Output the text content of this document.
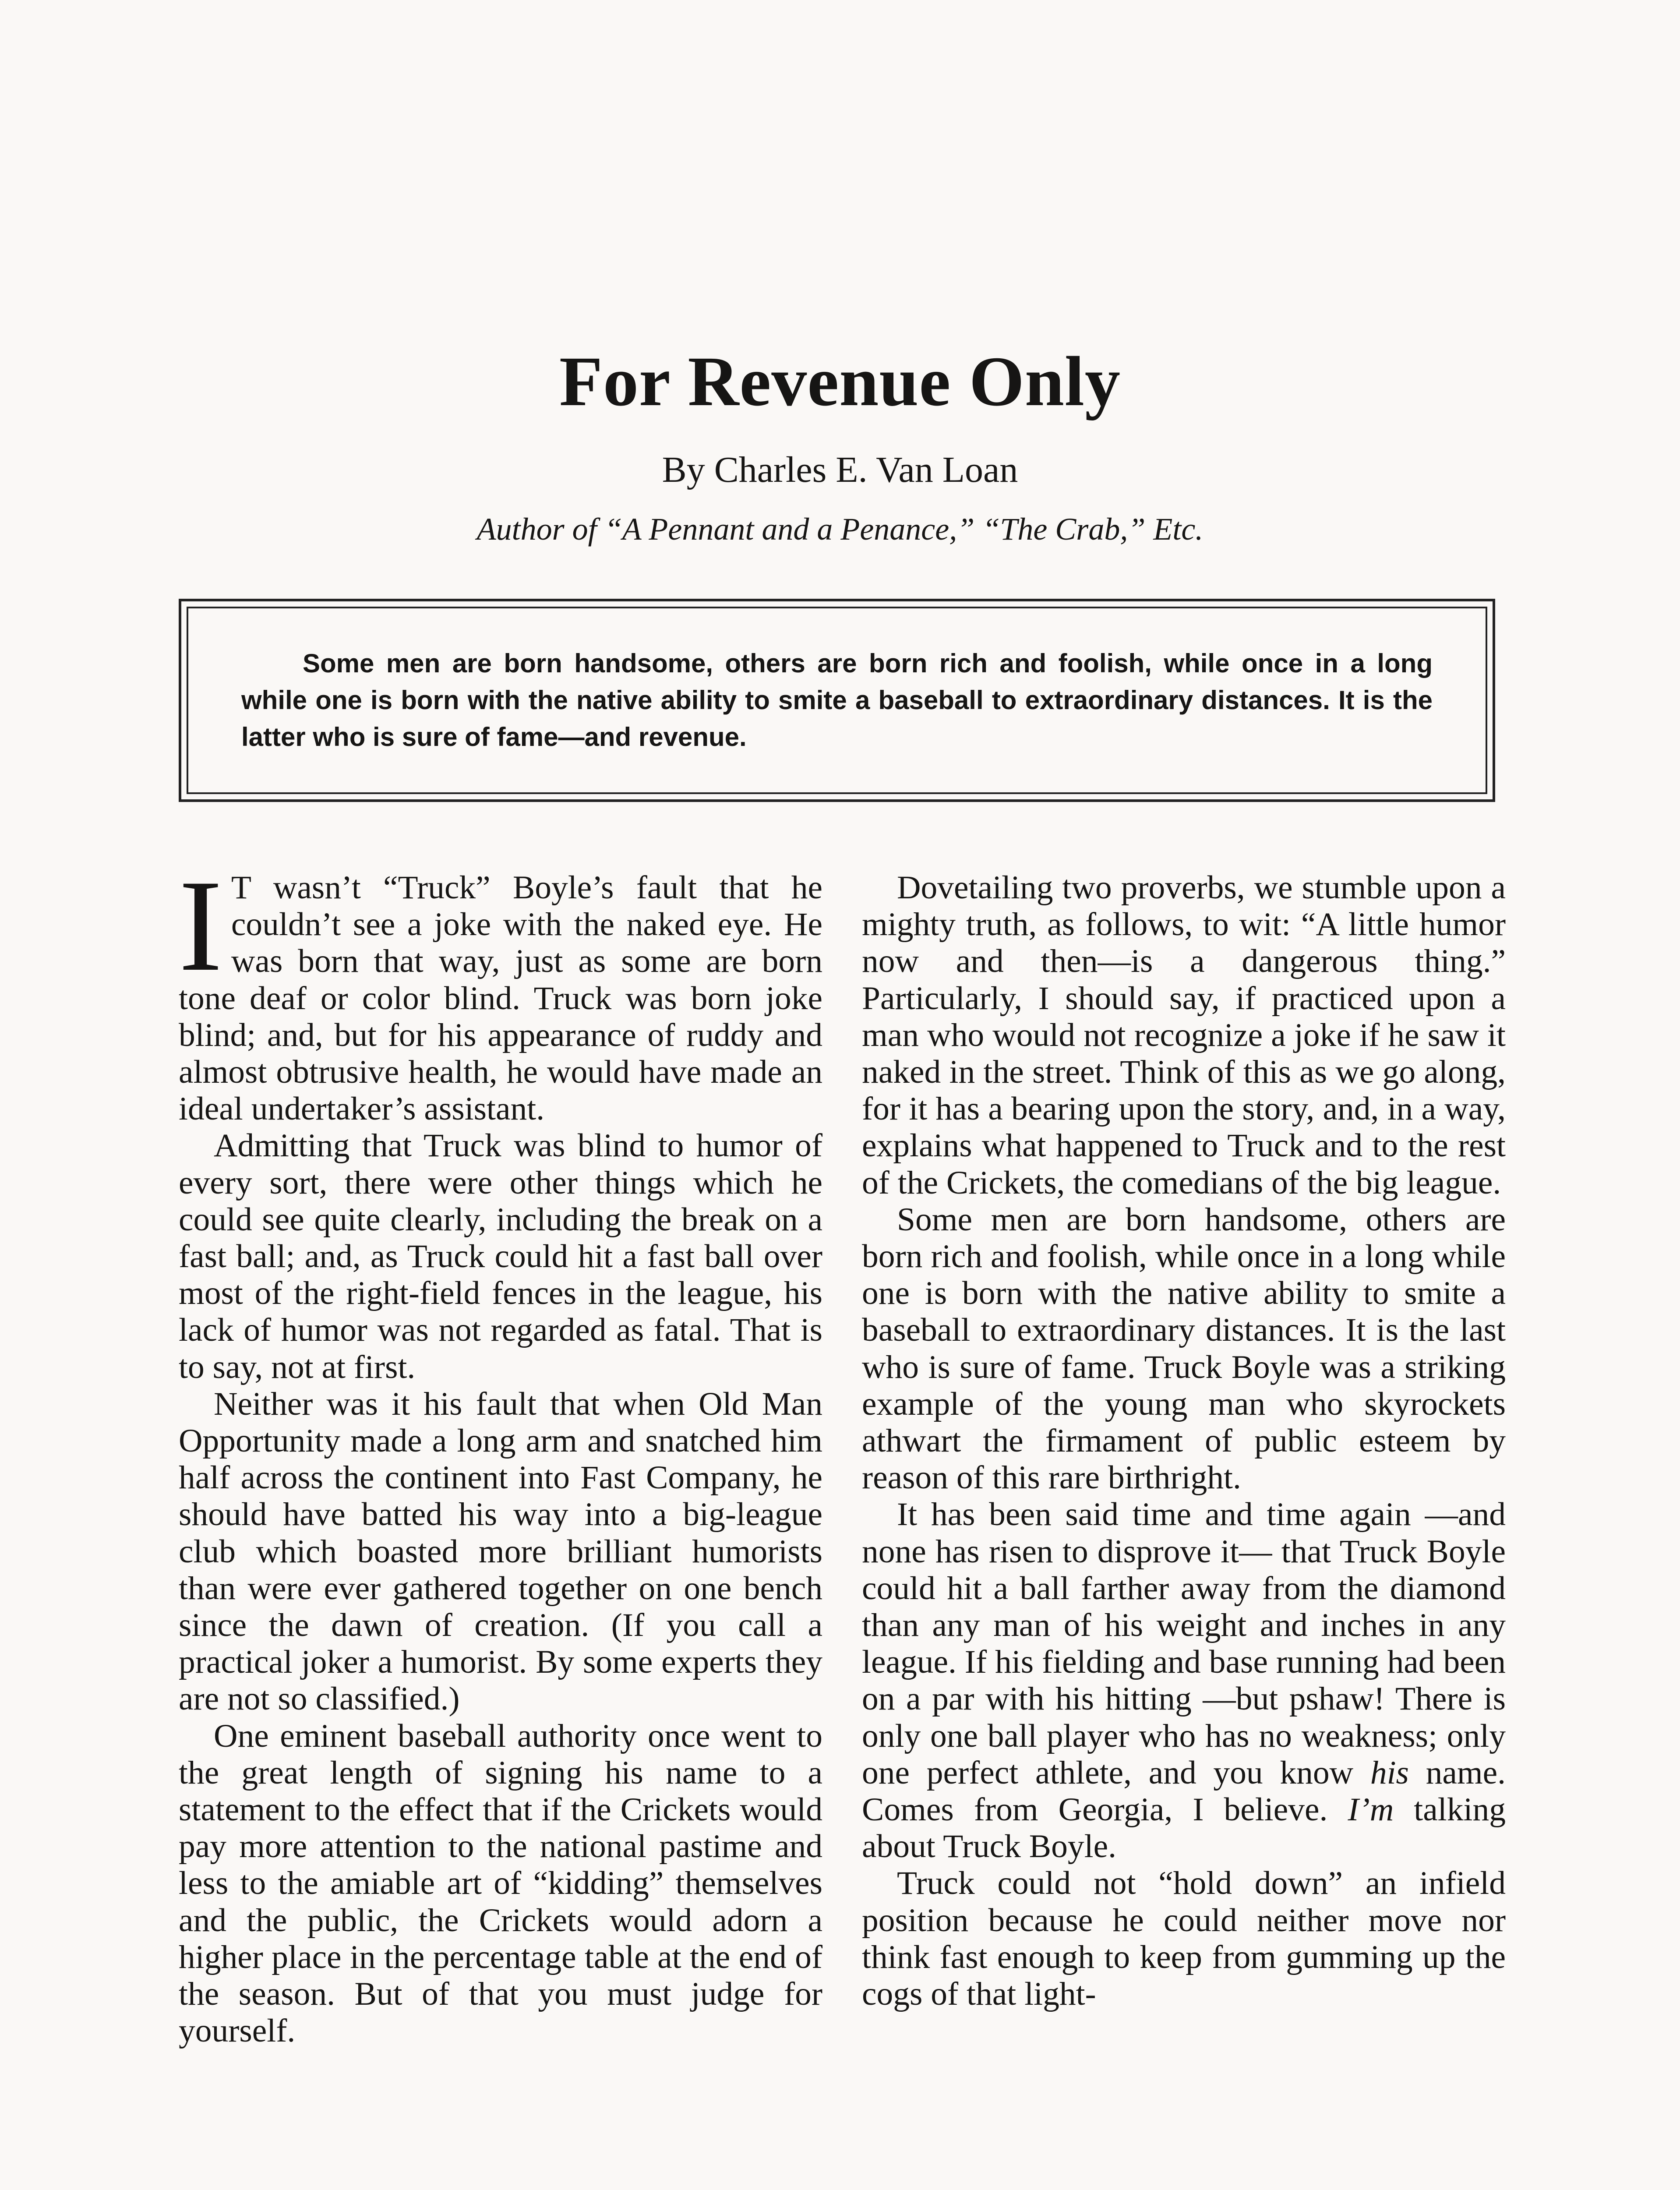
For Revenue Only
By Charles E. Van Loan
Author of “A Pennant and a Penance,” “The Crab,” Etc.
Some men are born handsome, others are born rich and foolish, while once in a long while one is born with the native ability to smite a baseball to extraordinary distances. It is the latter who is sure of fame—and revenue.

I T wasn’t “Truck” Boyle’s fault that he couldn’t see a joke with the naked eye. He was born that way, just as some are born tone deaf or color blind. Truck was born joke blind; and, but for his appearance of ruddy and almost obtrusive health, he would have made an ideal undertaker’s assistant.

Admitting that Truck was blind to humor of every sort, there were other things which he could see quite clearly, including the break on a fast ball; and, as Truck could hit a fast ball over most of the right-field fences in the league, his lack of humor was not regarded as fatal. That is to say, not at first.

Neither was it his fault that when Old Man Opportunity made a long arm and snatched him half across the continent into Fast Company, he should have batted his way into a big-league club which boasted more brilliant humorists than were ever gathered together on one bench since the dawn of creation. (If you call a practical joker a humorist. By some experts they are not so classified.)

One eminent baseball authority once went to the great length of signing his name to a statement to the effect that if the Crickets would pay more attention to the national pastime and less to the amiable art of “kidding” themselves and the public, the Crickets would adorn a higher place in the percentage table at the end of the season. But of that you must judge for yourself.

Dovetailing two proverbs, we stumble upon a mighty truth, as follows, to wit: “A little humor now and then—is a dangerous thing.” Particularly, I should say, if practiced upon a man who would not recognize a joke if he saw it naked in the street. Think of this as we go along, for it has a bearing upon the story, and, in a way, explains what happened to Truck and to the rest of the Crickets, the comedians of the big league.

Some men are born handsome, others are born rich and foolish, while once in a long while one is born with the native ability to smite a baseball to extraordinary distances. It is the last who is sure of fame. Truck Boyle was a striking example of the young man who skyrockets athwart the firmament of public esteem by reason of this rare birthright.

It has been said time and time again —and none has risen to disprove it— that Truck Boyle could hit a ball farther away from the diamond than any man of his weight and inches in any league. If his fielding and base running had been on a par with his hitting —but pshaw! There is only one ball player who has no weakness; only one perfect athlete, and you know his name. Comes from Georgia, I believe. I’m talking about Truck Boyle.

Truck could not “hold down” an infield position because he could neither move nor think fast enough to keep from gumming up the cogs of that light-
